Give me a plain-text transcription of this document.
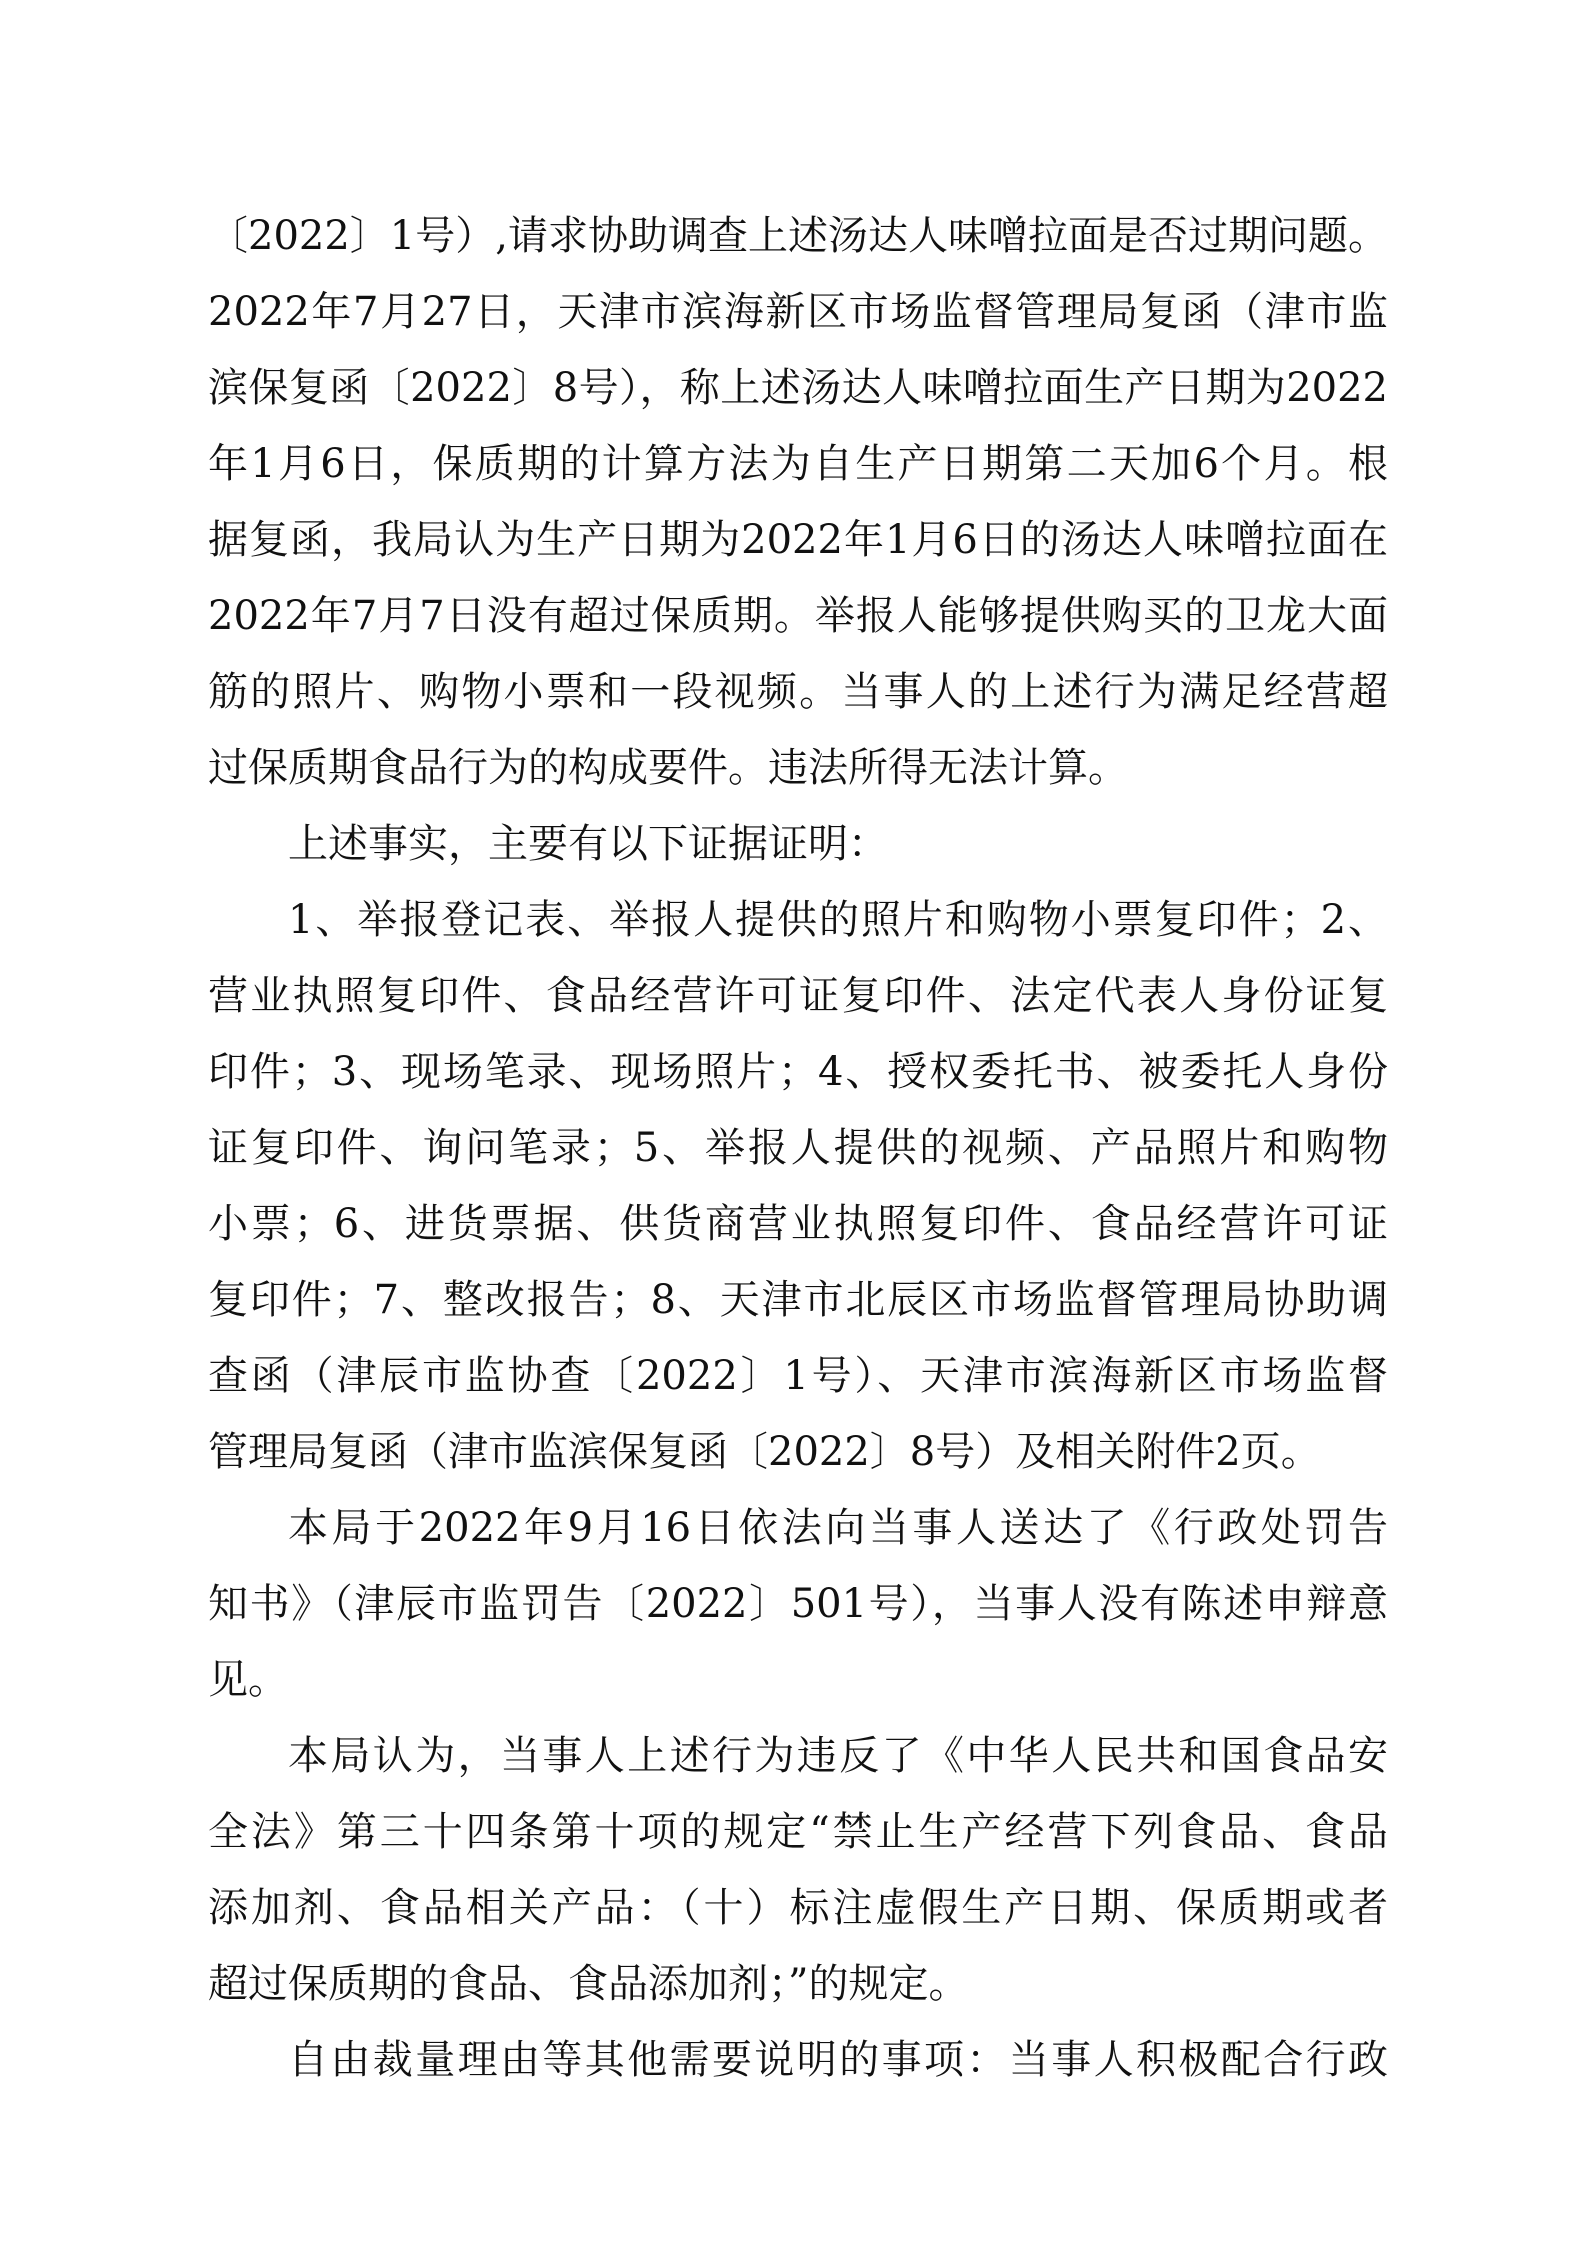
〔2022〕1号）,请求协助调查上述汤达人味噌拉面是否过期问题。
2022年7月27日，天津市滨海新区市场监督管理局复函（津市监
滨保复函〔2022〕8号），称上述汤达人味噌拉面生产日期为2022
年1月6日，保质期的计算方法为自生产日期第二天加6个月。根
据复函，我局认为生产日期为2022年1月6日的汤达人味噌拉面在
2022年7月7日没有超过保质期。举报人能够提供购买的卫龙大面
筋的照片、购物小票和一段视频。当事人的上述行为满足经营超
过保质期食品行为的构成要件。违法所得无法计算。

上述事实，主要有以下证据证明：

1、举报登记表、举报人提供的照片和购物小票复印件；2、
营业执照复印件、食品经营许可证复印件、法定代表人身份证复
印件；3、现场笔录、现场照片；4、授权委托书、被委托人身份
证复印件、询问笔录；5、举报人提供的视频、产品照片和购物
小票；6、进货票据、供货商营业执照复印件、食品经营许可证
复印件；7、整改报告；8、天津市北辰区市场监督管理局协助调
查函（津辰市监协查〔2022〕1号）、天津市滨海新区市场监督
管理局复函（津市监滨保复函〔2022〕8号）及相关附件2页。

本局于2022年9月16日依法向当事人送达了《行政处罚告
知书》（津辰市监罚告〔2022〕501号），当事人没有陈述申辩意
见。

本局认为，当事人上述行为违反了《中华人民共和国食品安
全法》第三十四条第十项的规定“禁止生产经营下列食品、食品
添加剂、食品相关产品：（十）标注虚假生产日期、保质期或者
超过保质期的食品、食品添加剂；”的规定。

自由裁量理由等其他需要说明的事项：当事人积极配合行政
